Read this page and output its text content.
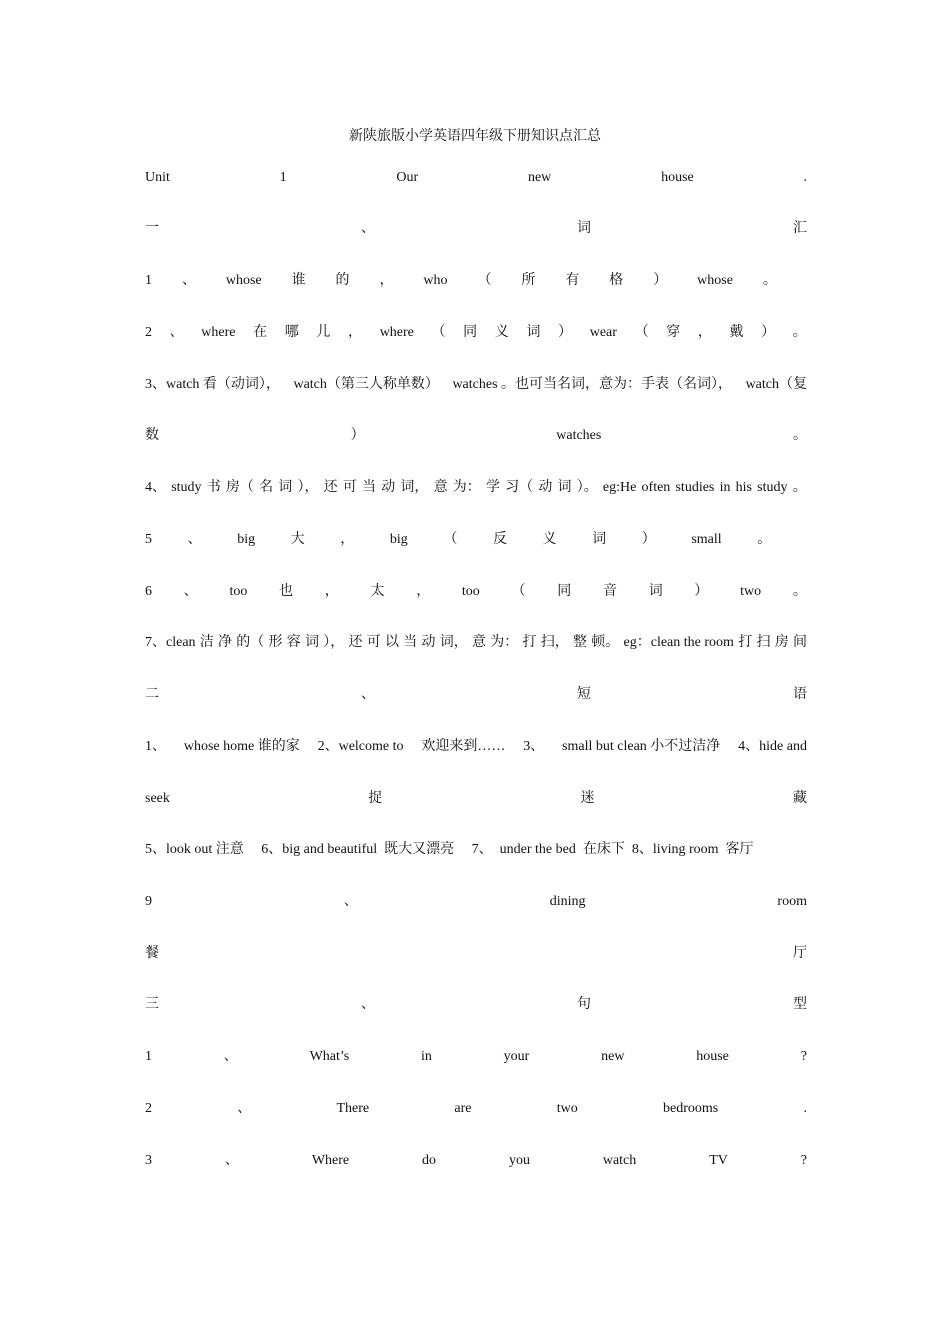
新陕旅版小学英语四年级下册知识点汇总
Unit	1	Our	new	house	.
一	、	词	汇
1 、 whose 谁 的 ， who （ 所 有 格 ） whose 。
2 、 where 在 哪 儿 ， where （ 同 义 词 ） wear （ 穿 ， 戴 ） 。
3、watch 看（动词）， watch（第三人称单数） watches 。也可当名词，意为：手表（名词）， watch（复
数	）	watches	。
4、 study 书 房（ 名 词 ）， 还 可 当 动 词， 意 为： 学 习（ 动 词 ）。 eg:He often studies in his study 。
5	、	big	大	，	big	（	反	义	词	）	small	。
6 、 too 也 ， 太 ， too （ 同 音 词 ） two 。
7、clean 洁 净 的（ 形 容 词 ）， 还 可 以 当 动 词， 意 为： 打 扫， 整 顿。 eg：clean the room 打 扫 房 间
二	、	短	语
1、 whose home 谁的家 2、welcome to 欢迎来到…… 3、 small but clean 小不过洁净 4、hide and
seek	捉	迷	藏
5、look out 注意     6、big and beautiful  既大又漂亮     7、  under the bed  在床下  8、living room  客厅
9	、	dining	room
餐	厅
三	、	句	型
1	、	What’s	in	your	new	house	?
2	、	There	are	two	bedrooms	.
3	、	Where	do	you	watch	TV	?
